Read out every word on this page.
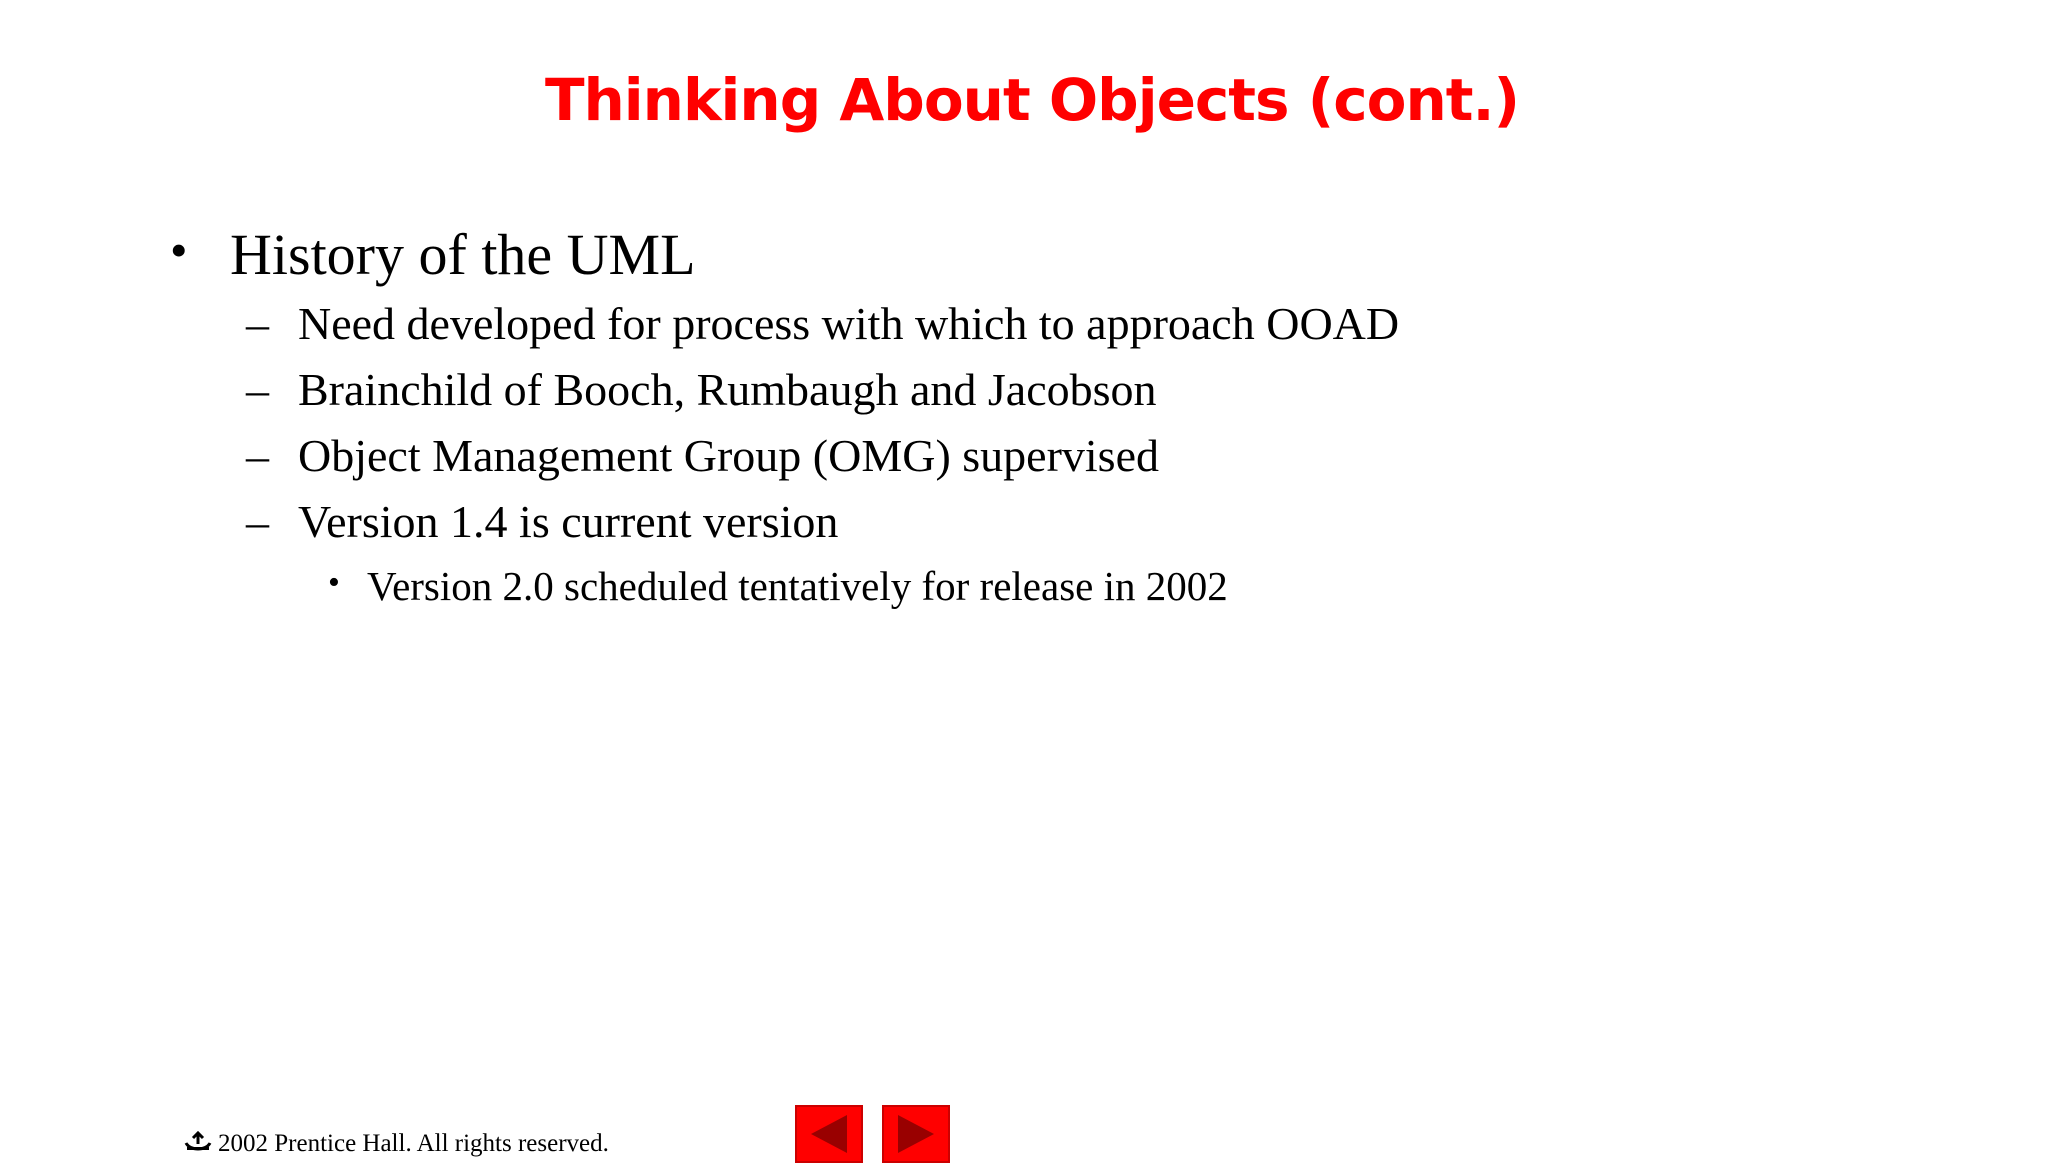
Thinking About Objects (cont.)
• History of the UML
– Need developed for process with which to approach OOAD
– Brainchild of Booch, Rumbaugh and Jacobson
– Object Management Group (OMG) supervised
– Version 1.4 is current version
• Version 2.0 scheduled tentatively for release in 2002
2002 Prentice Hall. All rights reserved.
